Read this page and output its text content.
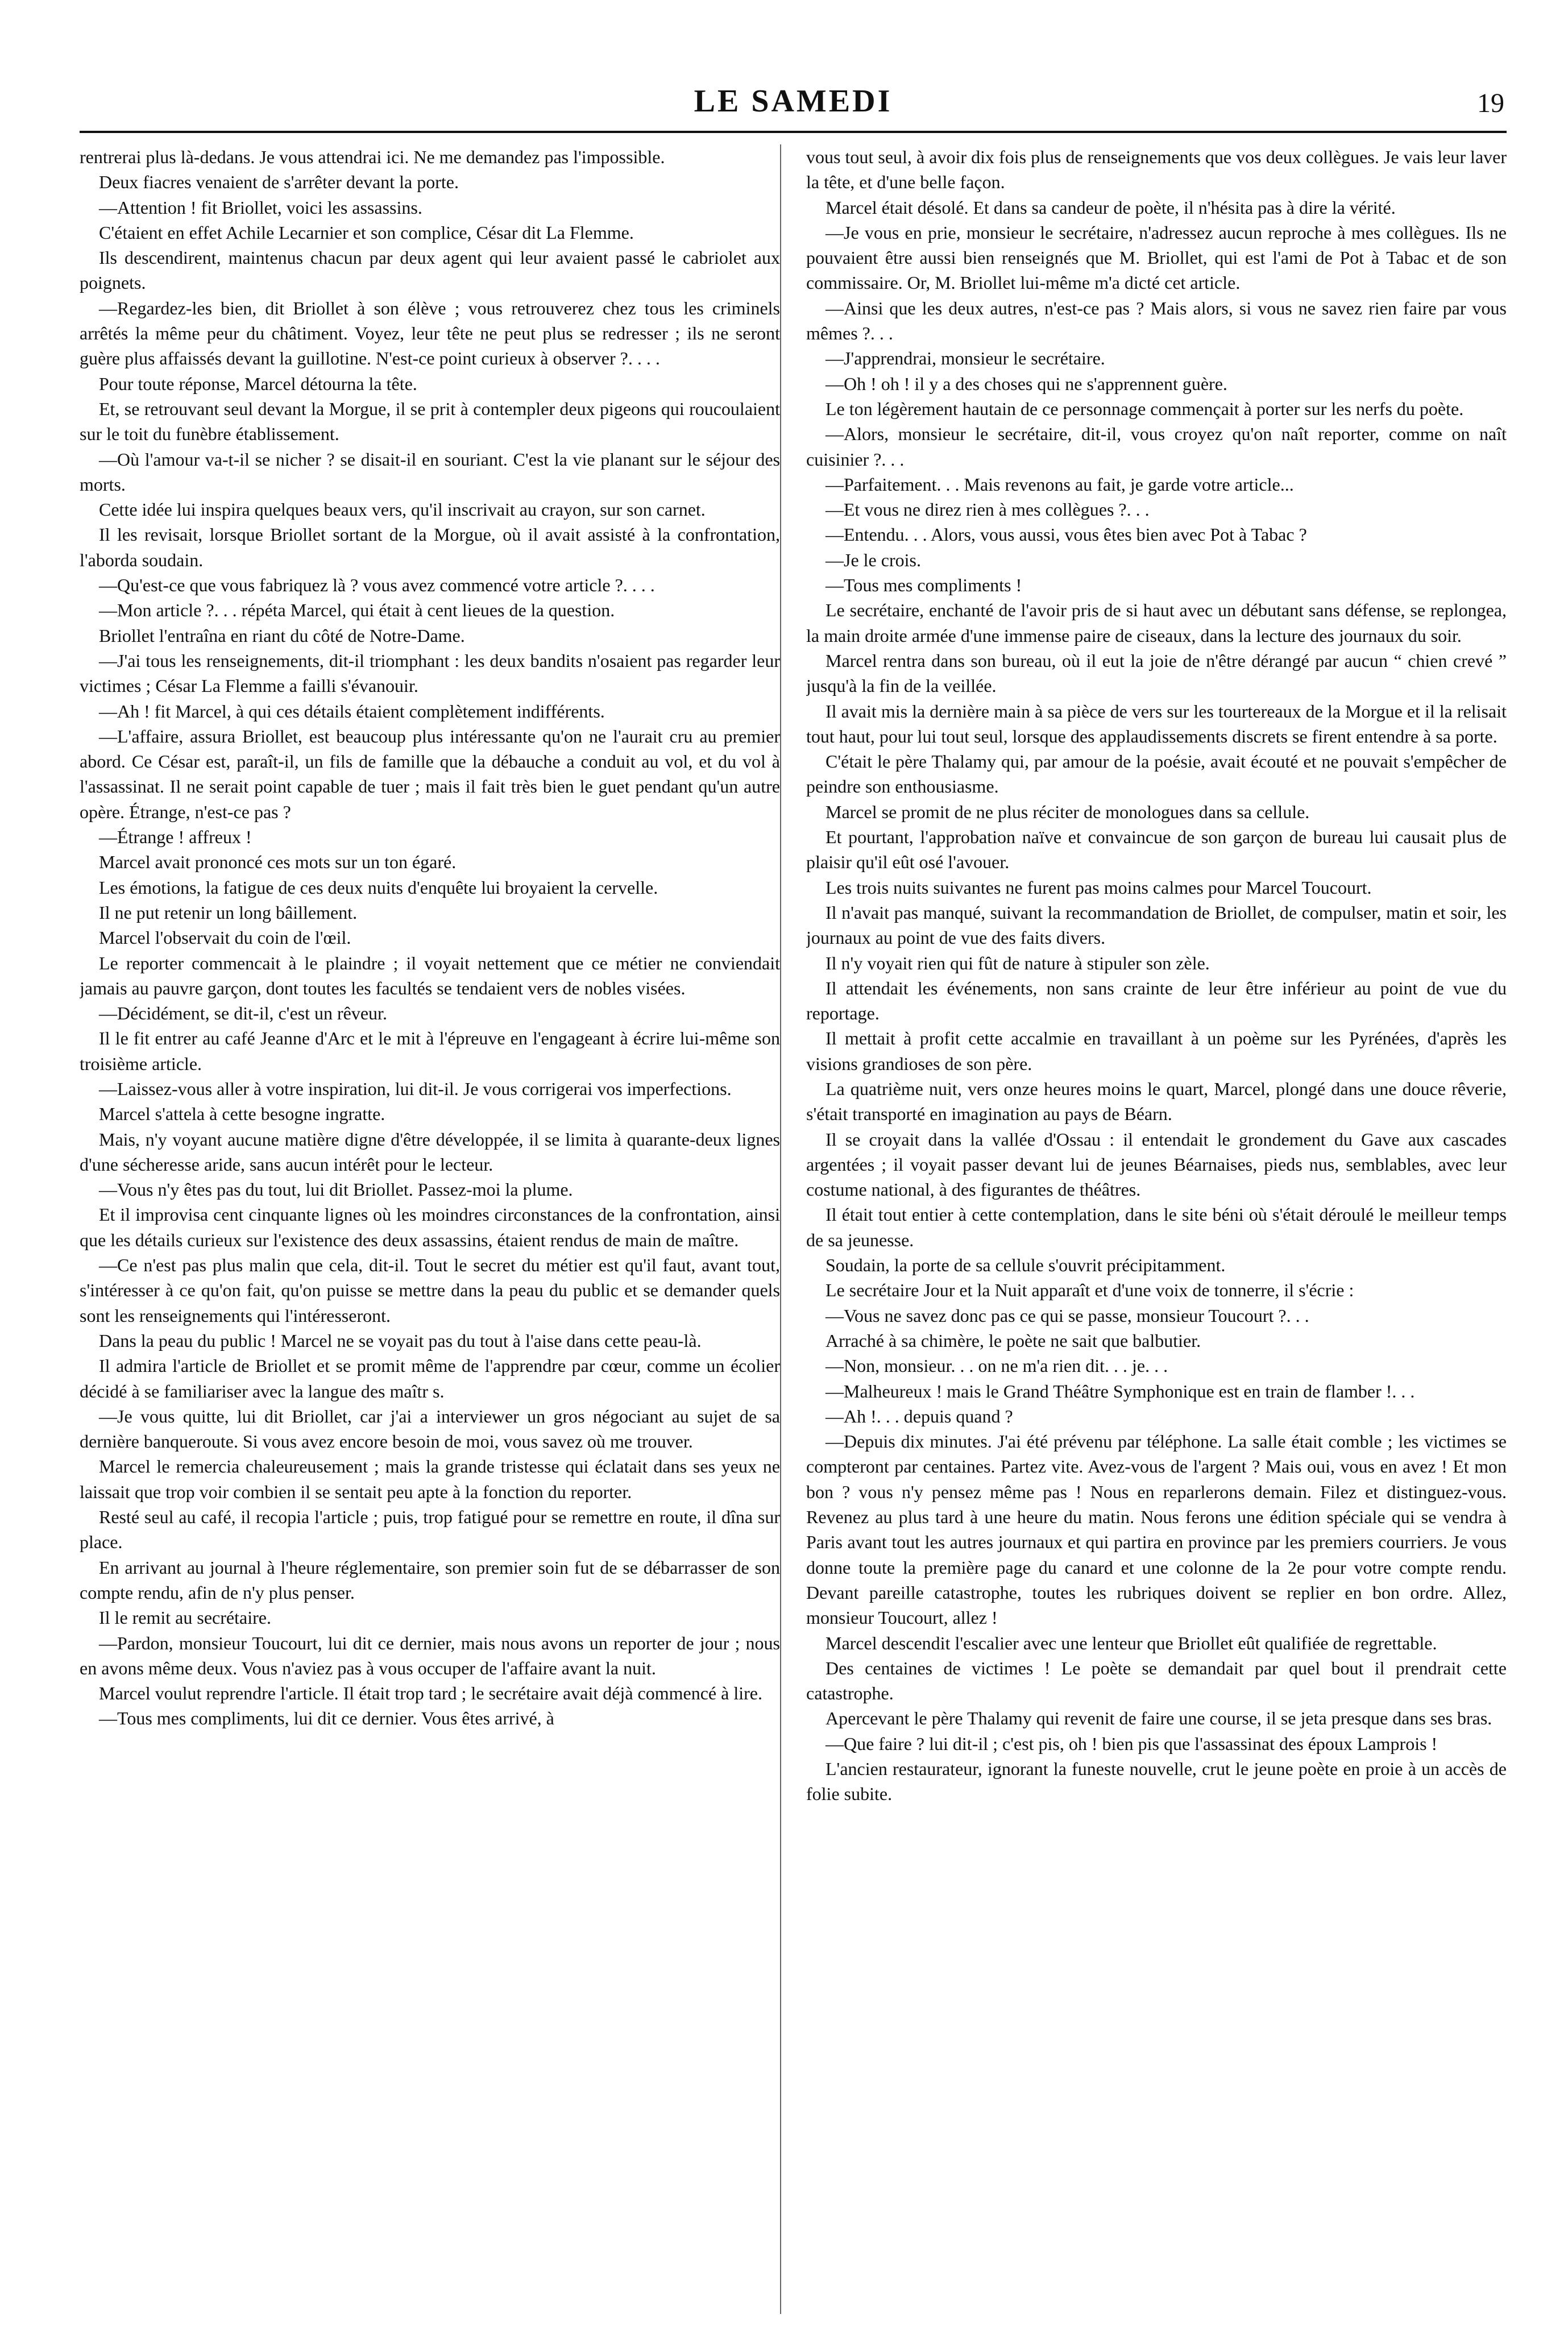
LE SAMEDI	19

rentrerai plus là-dedans. Je vous attendrai ici. Ne me demandez pas l'impossible.

Deux fiacres venaient de s'arrêter devant la porte.

—Attention ! fit Briollet, voici les assassins.

C'étaient en effet Achile Lecarnier et son complice, César dit La Flemme.

Ils descendirent, maintenus chacun par deux agent qui leur avaient passé le cabriolet aux poignets.

—Regardez-les bien, dit Briollet à son élève ; vous retrouverez chez tous les criminels arrêtés la même peur du châtiment. Voyez, leur tête ne peut plus se redresser ; ils ne seront guère plus affaissés devant la guillotine. N'est-ce point curieux à observer ?. . . .

Pour toute réponse, Marcel détourna la tête.

Et, se retrouvant seul devant la Morgue, il se prit à contempler deux pigeons qui roucoulaient sur le toit du funèbre établissement.

—Où l'amour va-t-il se nicher ? se disait-il en souriant. C'est la vie planant sur le séjour des morts.

Cette idée lui inspira quelques beaux vers, qu'il inscrivait au crayon, sur son carnet.

Il les revisait, lorsque Briollet sortant de la Morgue, où il avait assisté à la confrontation, l'aborda soudain.

—Qu'est-ce que vous fabriquez là ? vous avez commencé votre article ?. . . .

—Mon article ?. . . répéta Marcel, qui était à cent lieues de la question.

Briollet l'entraîna en riant du côté de Notre-Dame.

—J'ai tous les renseignements, dit-il triomphant : les deux bandits n'osaient pas regarder leur victimes ; César La Flemme a failli s'évanouir.

—Ah ! fit Marcel, à qui ces détails étaient complètement indifférents.

—L'affaire, assura Briollet, est beaucoup plus intéressante qu'on ne l'aurait cru au premier abord. Ce César est, paraît-il, un fils de famille que la débauche a conduit au vol, et du vol à l'assassinat. Il ne serait point capable de tuer ; mais il fait très bien le guet pendant qu'un autre opère. Étrange, n'est-ce pas ?

—Étrange ! affreux !

Marcel avait prononcé ces mots sur un ton égaré.

Les émotions, la fatigue de ces deux nuits d'enquête lui broyaient la cervelle.

Il ne put retenir un long bâillement.

Marcel l'observait du coin de l'œil.

Le reporter commencait à le plaindre ; il voyait nettement que ce métier ne conviendait jamais au pauvre garçon, dont toutes les facultés se tendaient vers de nobles visées.

—Décidément, se dit-il, c'est un rêveur.

Il le fit entrer au café Jeanne d'Arc et le mit à l'épreuve en l'engageant à écrire lui-même son troisième article.

—Laissez-vous aller à votre inspiration, lui dit-il. Je vous corrigerai vos imperfections.

Marcel s'attela à cette besogne ingratte.

Mais, n'y voyant aucune matière digne d'être développée, il se limita à quarante-deux lignes d'une sécheresse aride, sans aucun intérêt pour le lecteur.

—Vous n'y êtes pas du tout, lui dit Briollet. Passez-moi la plume.

Et il improvisa cent cinquante lignes où les moindres circonstances de la confrontation, ainsi que les détails curieux sur l'existence des deux assassins, étaient rendus de main de maître.

—Ce n'est pas plus malin que cela, dit-il. Tout le secret du métier est qu'il faut, avant tout, s'intéresser à ce qu'on fait, qu'on puisse se mettre dans la peau du public et se demander quels sont les renseignements qui l'intéresseront.

Dans la peau du public ! Marcel ne se voyait pas du tout à l'aise dans cette peau-là.

Il admira l'article de Briollet et se promit même de l'apprendre par cœur, comme un écolier décidé à se familiariser avec la langue des maîtr s.

—Je vous quitte, lui dit Briollet, car j'ai a interviewer un gros négociant au sujet de sa dernière banqueroute. Si vous avez encore besoin de moi, vous savez où me trouver.

Marcel le remercia chaleureusement ; mais la grande tristesse qui éclatait dans ses yeux ne laissait que trop voir combien il se sentait peu apte à la fonction du reporter.

Resté seul au café, il recopia l'article ; puis, trop fatigué pour se remettre en route, il dîna sur place.

En arrivant au journal à l'heure réglementaire, son premier soin fut de se débarrasser de son compte rendu, afin de n'y plus penser.

Il le remit au secrétaire.

—Pardon, monsieur Toucourt, lui dit ce dernier, mais nous avons un reporter de jour ; nous en avons même deux. Vous n'aviez pas à vous occuper de l'affaire avant la nuit.

Marcel voulut reprendre l'article. Il était trop tard ; le secrétaire avait déjà commencé à lire.

—Tous mes compliments, lui dit ce dernier. Vous êtes arrivé, à

vous tout seul, à avoir dix fois plus de renseignements que vos deux collègues. Je vais leur laver la tête, et d'une belle façon.

Marcel était désolé. Et dans sa candeur de poète, il n'hésita pas à dire la vérité.

—Je vous en prie, monsieur le secrétaire, n'adressez aucun reproche à mes collègues. Ils ne pouvaient être aussi bien renseignés que M. Briollet, qui est l'ami de Pot à Tabac et de son commissaire. Or, M. Briollet lui-même m'a dicté cet article.

—Ainsi que les deux autres, n'est-ce pas ? Mais alors, si vous ne savez rien faire par vous mêmes ?. . .

—J'apprendrai, monsieur le secrétaire.

—Oh ! oh ! il y a des choses qui ne s'apprennent guère.

Le ton légèrement hautain de ce personnage commençait à porter sur les nerfs du poète.

—Alors, monsieur le secrétaire, dit-il, vous croyez qu'on naît reporter, comme on naît cuisinier ?. . .

—Parfaitement. . . Mais revenons au fait, je garde votre article...

—Et vous ne direz rien à mes collègues ?. . .

—Entendu. . . Alors, vous aussi, vous êtes bien avec Pot à Tabac ?

—Je le crois.

—Tous mes compliments !

Le secrétaire, enchanté de l'avoir pris de si haut avec un débutant sans défense, se replongea, la main droite armée d'une immense paire de ciseaux, dans la lecture des journaux du soir.

Marcel rentra dans son bureau, où il eut la joie de n'être dérangé par aucun “ chien crevé ” jusqu'à la fin de la veillée.

Il avait mis la dernière main à sa pièce de vers sur les tourtereaux de la Morgue et il la relisait tout haut, pour lui tout seul, lorsque des applaudissements discrets se firent entendre à sa porte.

C'était le père Thalamy qui, par amour de la poésie, avait écouté et ne pouvait s'empêcher de peindre son enthousiasme.

Marcel se promit de ne plus réciter de monologues dans sa cellule.

Et pourtant, l'approbation naïve et convaincue de son garçon de bureau lui causait plus de plaisir qu'il eût osé l'avouer.

Les trois nuits suivantes ne furent pas moins calmes pour Marcel Toucourt.

Il n'avait pas manqué, suivant la recommandation de Briollet, de compulser, matin et soir, les journaux au point de vue des faits divers.

Il n'y voyait rien qui fût de nature à stipuler son zèle.

Il attendait les événements, non sans crainte de leur être inférieur au point de vue du reportage.

Il mettait à profit cette accalmie en travaillant à un poème sur les Pyrénées, d'après les visions grandioses de son père.

La quatrième nuit, vers onze heures moins le quart, Marcel, plongé dans une douce rêverie, s'était transporté en imagination au pays de Béarn.

Il se croyait dans la vallée d'Ossau : il entendait le grondement du Gave aux cascades argentées ; il voyait passer devant lui de jeunes Béarnaises, pieds nus, semblables, avec leur costume national, à des figurantes de théâtres.

Il était tout entier à cette contemplation, dans le site béni où s'était déroulé le meilleur temps de sa jeunesse.

Soudain, la porte de sa cellule s'ouvrit précipitamment.

Le secrétaire Jour et la Nuit apparaît et d'une voix de tonnerre, il s'écrie :

—Vous ne savez donc pas ce qui se passe, monsieur Toucourt ?. . .

Arraché à sa chimère, le poète ne sait que balbutier.

—Non, monsieur. . . on ne m'a rien dit. . . je. . .

—Malheureux ! mais le Grand Théâtre Symphonique est en train de flamber !. . .

—Ah !. . . depuis quand ?

—Depuis dix minutes. J'ai été prévenu par téléphone. La salle était comble ; les victimes se compteront par centaines. Partez vite. Avez-vous de l'argent ? Mais oui, vous en avez ! Et mon bon ? vous n'y pensez même pas ! Nous en reparlerons demain. Filez et distinguez-vous. Revenez au plus tard à une heure du matin. Nous ferons une édition spéciale qui se vendra à Paris avant tout les autres journaux et qui partira en province par les premiers courriers. Je vous donne toute la première page du canard et une colonne de la 2e pour votre compte rendu. Devant pareille catastrophe, toutes les rubriques doivent se replier en bon ordre. Allez, monsieur Toucourt, allez !

Marcel descendit l'escalier avec une lenteur que Briollet eût qualifiée de regrettable.

Des centaines de victimes ! Le poète se demandait par quel bout il prendrait cette catastrophe.

Apercevant le père Thalamy qui revenit de faire une course, il se jeta presque dans ses bras.

—Que faire ? lui dit-il ; c'est pis, oh ! bien pis que l'assassinat des époux Lamprois !

L'ancien restaurateur, ignorant la funeste nouvelle, crut le jeune poète en proie à un accès de folie subite.
